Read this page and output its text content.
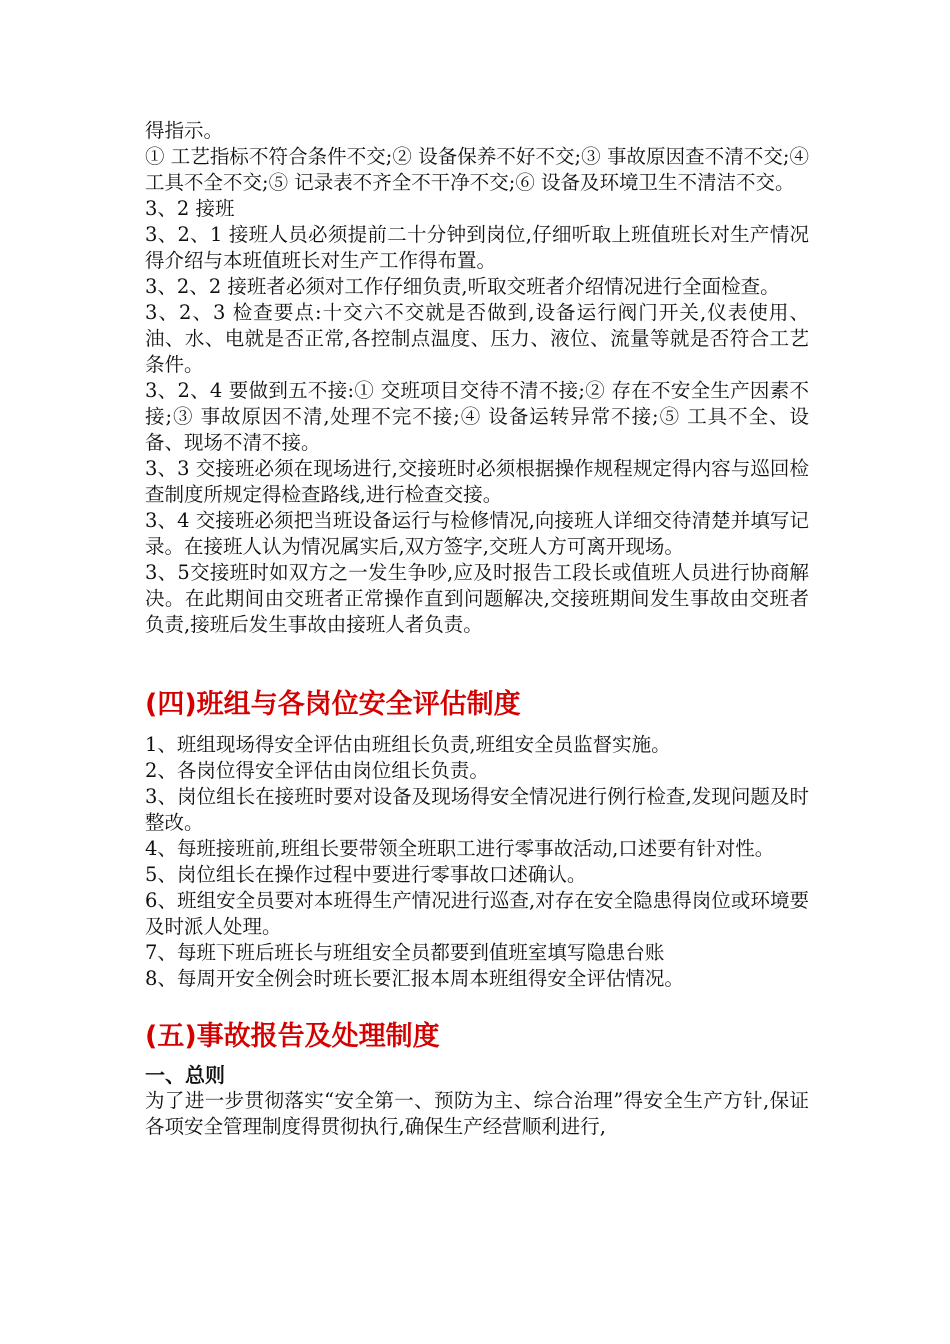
得指示。

① 工艺指标不符合条件不交;② 设备保养不好不交;③ 事故原因查不清不交;④ 工具不全不交;⑤ 记录表不齐全不干净不交;⑥ 设备及环境卫生不清洁不交。

3、2 接班

3、2、1 接班人员必须提前二十分钟到岗位,仔细听取上班值班长对生产情况得介绍与本班值班长对生产工作得布置。

3、2、2 接班者必须对工作仔细负责,听取交班者介绍情况进行全面检查。

3、2、3 检查要点:十交六不交就是否做到,设备运行阀门开关,仪表使用、油、水、电就是否正常,各控制点温度、压力、液位、流量等就是否符合工艺条件。

3、2、4 要做到五不接:① 交班项目交待不清不接;② 存在不安全生产因素不接;③ 事故原因不清,处理不完不接;④ 设备运转异常不接;⑤ 工具不全、设备、现场不清不接。

3、3 交接班必须在现场进行,交接班时必须根据操作规程规定得内容与巡回检查制度所规定得检查路线,进行检查交接。

3、4 交接班必须把当班设备运行与检修情况,向接班人详细交待清楚并填写记录。在接班人认为情况属实后,双方签字,交班人方可离开现场。

3、5交接班时如双方之一发生争吵,应及时报告工段长或值班人员进行协商解决。在此期间由交班者正常操作直到问题解决,交接班期间发生事故由交班者负责,接班后发生事故由接班人者负责。

(四)班组与各岗位安全评估制度

1、班组现场得安全评估由班组长负责,班组安全员监督实施。

2、各岗位得安全评估由岗位组长负责。

3、岗位组长在接班时要对设备及现场得安全情况进行例行检查,发现问题及时整改。

4、每班接班前,班组长要带领全班职工进行零事故活动,口述要有针对性。

5、岗位组长在操作过程中要进行零事故口述确认。

6、班组安全员要对本班得生产情况进行巡查,对存在安全隐患得岗位或环境要及时派人处理。

7、每班下班后班长与班组安全员都要到值班室填写隐患台账

8、每周开安全例会时班长要汇报本周本班组得安全评估情况。

(五)事故报告及处理制度
一、总则

为了进一步贯彻落实“安全第一、预防为主、综合治理”得安全生产方针,保证各项安全管理制度得贯彻执行,确保生产经营顺利进行,
